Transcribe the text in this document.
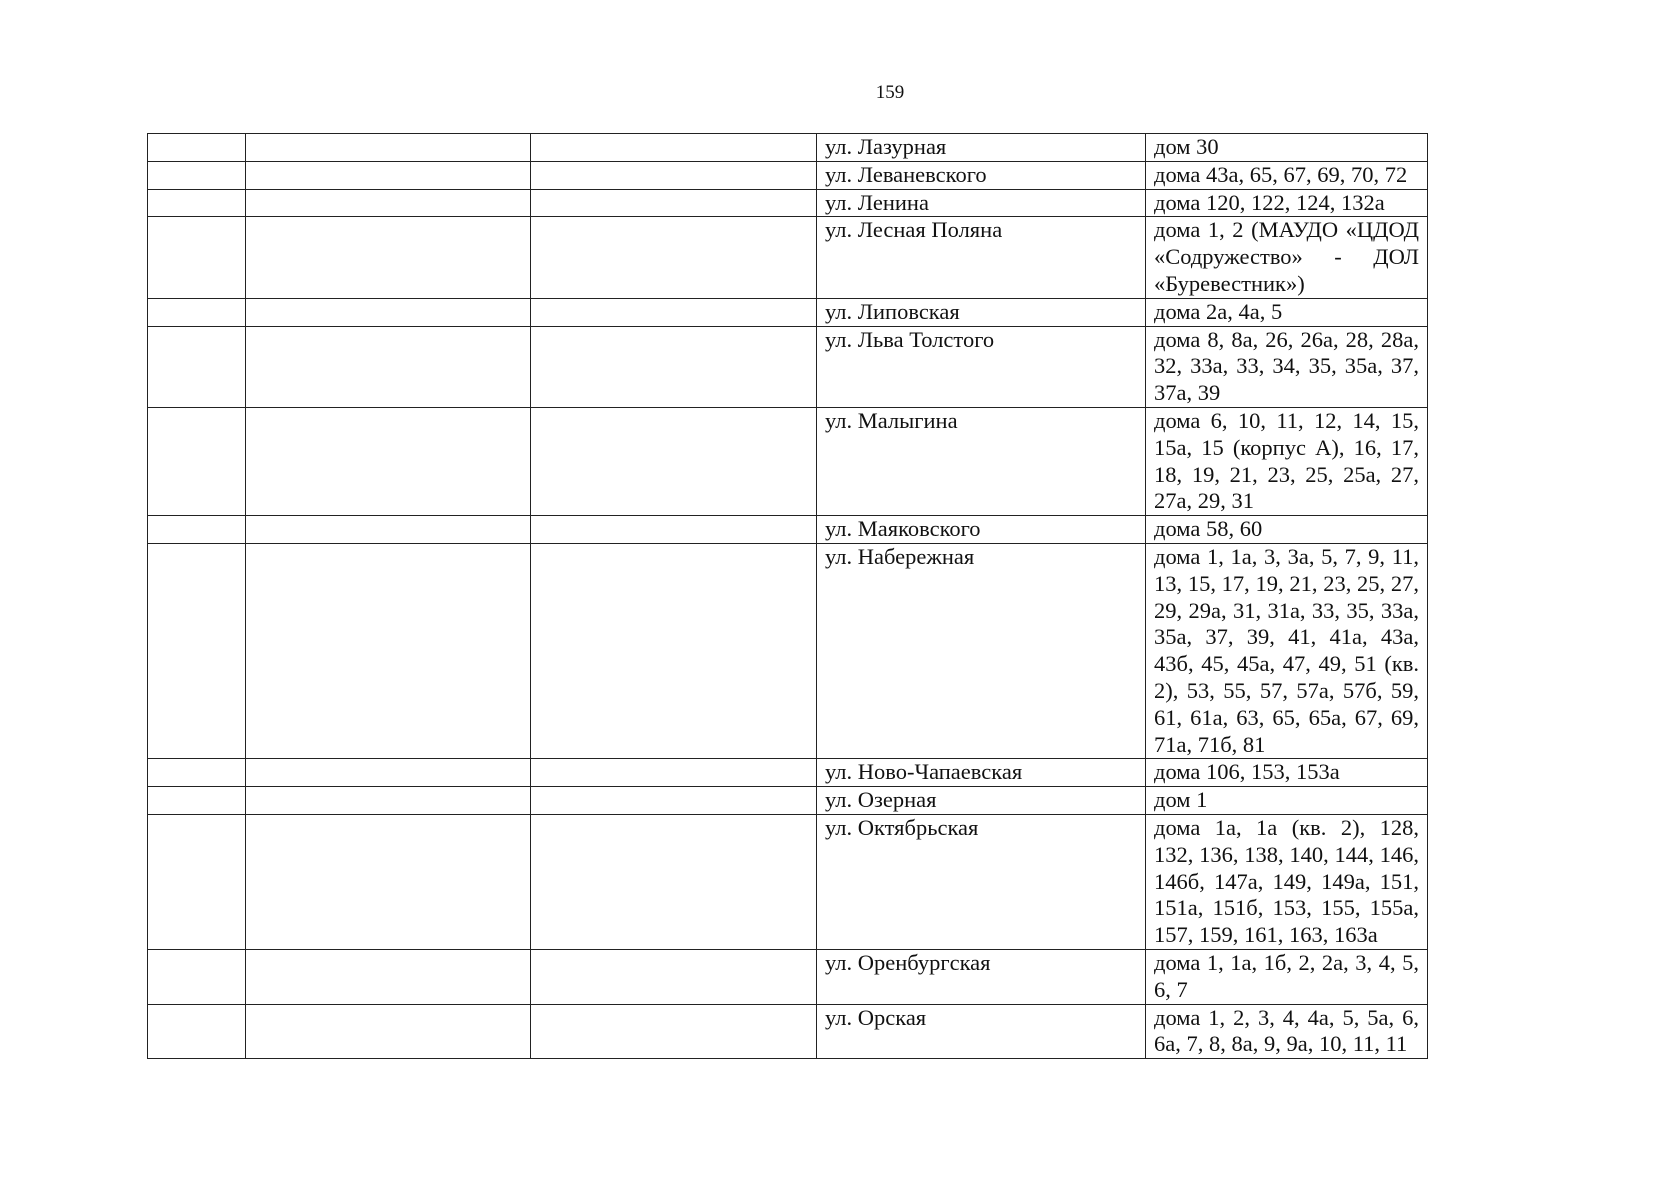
159
			ул. Лазурная	дом 30
			ул. Леваневского	дома 43а, 65, 67, 69, 70, 72
			ул. Ленина	дома 120, 122, 124, 132а
			ул. Лесная Поляна	дома 1, 2 (МАУДО «ЦДОД «Содружество» - ДОЛ «Буревестник»)
			ул. Липовская	дома 2а, 4а, 5
			ул. Льва Толстого	дома 8, 8а, 26, 26а, 28, 28а, 32, 33а, 33, 34, 35, 35а, 37, 37а, 39
			ул. Малыгина	дома 6, 10, 11, 12, 14, 15, 15а, 15 (корпус А), 16, 17, 18, 19, 21, 23, 25, 25а, 27, 27а, 29, 31
			ул. Маяковского	дома 58, 60
			ул. Набережная	дома 1, 1а, 3, 3а, 5, 7, 9, 11, 13, 15, 17, 19, 21, 23, 25, 27, 29, 29а, 31, 31а, 33, 35, 33а, 35а, 37, 39, 41, 41а, 43а, 43б, 45, 45а, 47, 49, 51 (кв. 2), 53, 55, 57, 57а, 57б, 59, 61, 61а, 63, 65, 65а, 67, 69, 71а, 71б, 81
			ул. Ново-Чапаевская	дома 106, 153, 153а
			ул. Озерная	дом 1
			ул. Октябрьская	дома 1а, 1а (кв. 2), 128, 132, 136, 138, 140, 144, 146, 146б, 147а, 149, 149а, 151, 151а, 151б, 153, 155, 155а, 157, 159, 161, 163, 163а
			ул. Оренбургская	дома 1, 1а, 1б, 2, 2а, 3, 4, 5, 6, 7
			ул. Орская	дома 1, 2, 3, 4, 4а, 5, 5а, 6, 6а, 7, 8, 8а, 9, 9а, 10, 11, 11
